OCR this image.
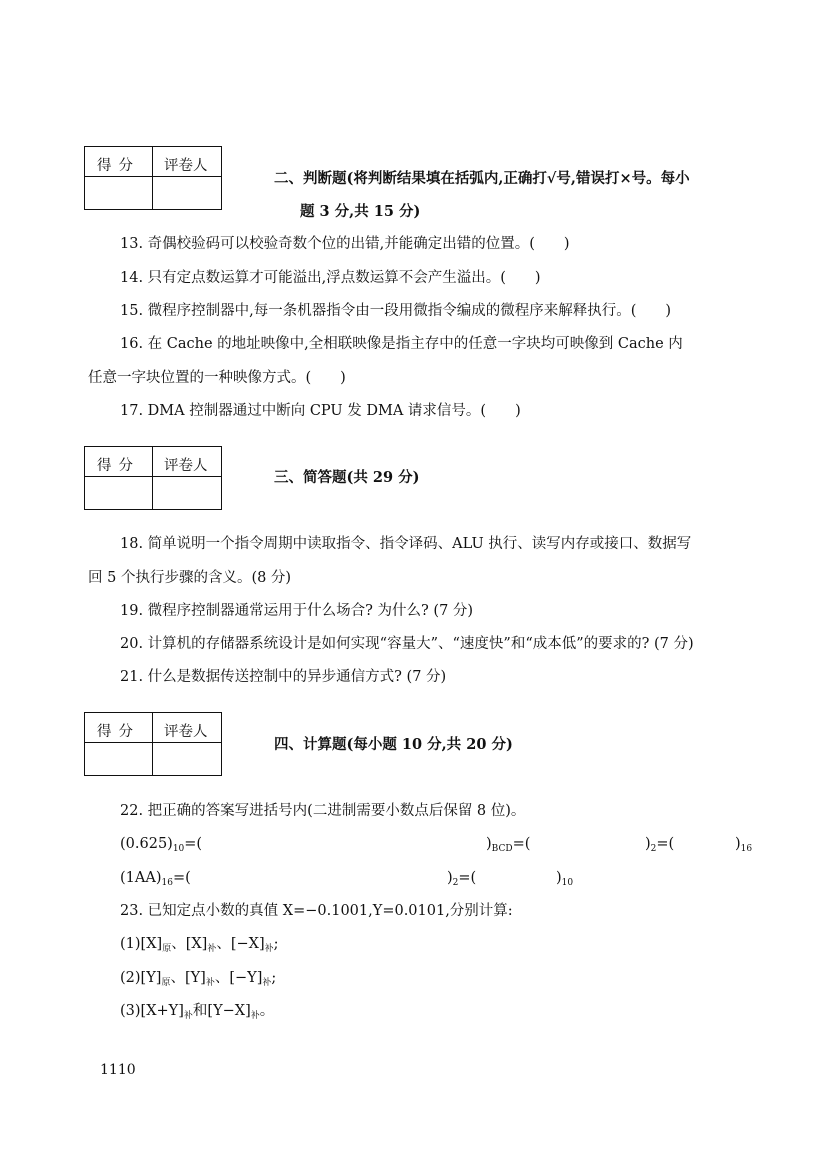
得分 评卷人
二、判断题(将判断结果填在括弧内,正确打√号,错误打×号。每小
题 3 分,共 15 分)
13. 奇偶校验码可以校验奇数个位的出错,并能确定出错的位置。(　　)
14. 只有定点数运算才可能溢出,浮点数运算不会产生溢出。(　　)
15. 微程序控制器中,每一条机器指令由一段用微指令编成的微程序来解释执行。(　　)
16. 在 Cache 的地址映像中,全相联映像是指主存中的任意一字块均可映像到 Cache 内
任意一字块位置的一种映像方式。(　　)
17. DMA 控制器通过中断向 CPU 发 DMA 请求信号。(　　)
得分 评卷人
三、简答题(共 29 分)
18. 简单说明一个指令周期中读取指令、指令译码、ALU 执行、读写内存或接口、数据写
回 5 个执行步骤的含义。(8 分)
19. 微程序控制器通常运用于什么场合? 为什么? (7 分)
20. 计算机的存储器系统设计是如何实现“容量大”、“速度快”和“成本低”的要求的? (7 分)
21. 什么是数据传送控制中的异步通信方式? (7 分)
得分 评卷人
四、计算题(每小题 10 分,共 20 分)
22. 把正确的答案写进括号内(二进制需要小数点后保留 8 位)。
$(0.625)_{10}=$(	)$_{BCD}=$(	)$_2=$(	)$_{16}$
$(1AA)_{16}=$(	)$_2=$(	)$_{10}$
23. 已知定点小数的真值 X=−0.1001,Y=0.0101,分别计算:
$(1)[X]_原$、$[X]_补$、$[-X]_补$;
$(2)[Y]_原$、$[Y]_补$、$[-Y]_补$;
$(3)[X+Y]_补$和$[Y-X]_补$。
1110
